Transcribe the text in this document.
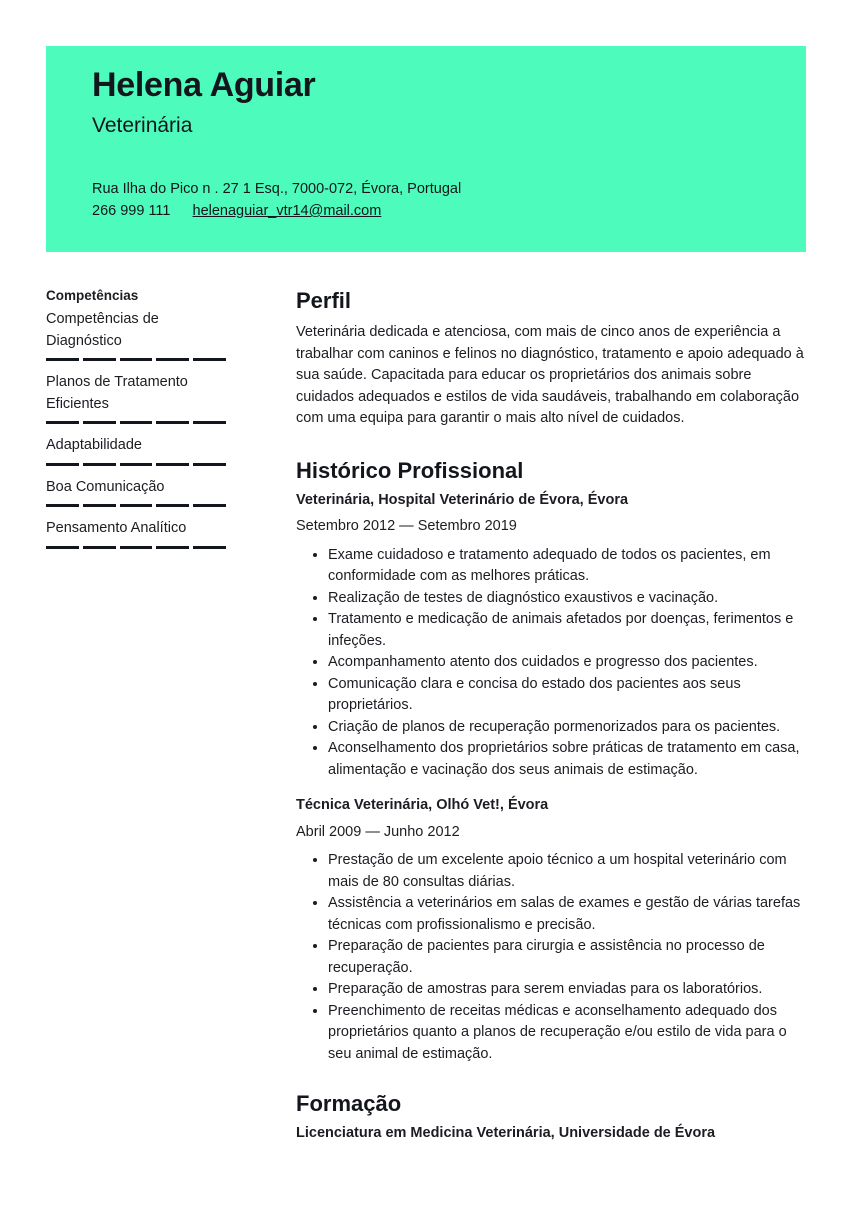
Helena Aguiar
Veterinária
Rua Ilha do Pico n . 27 1 Esq., 7000-072, Évora, Portugal
266 999 111 helenaguiar_vtr14@mail.com
Competências
Competências de Diagnóstico
Planos de Tratamento Eficientes
Adaptabilidade
Boa Comunicação
Pensamento Analítico
Perfil

Veterinária dedicada e atenciosa, com mais de cinco anos de experiência a trabalhar com caninos e felinos no diagnóstico, tratamento e apoio adequado à sua saúde. Capacitada para educar os proprietários dos animais sobre cuidados adequados e estilos de vida saudáveis, trabalhando em colaboração com uma equipa para garantir o mais alto nível de cuidados.

Histórico Profissional
Veterinária, Hospital Veterinário de Évora, Évora
Setembro 2012 — Setembro 2019
• Exame cuidadoso e tratamento adequado de todos os pacientes, em conformidade com as melhores práticas.
• Realização de testes de diagnóstico exaustivos e vacinação.
• Tratamento e medicação de animais afetados por doenças, ferimentos e infeções.
• Acompanhamento atento dos cuidados e progresso dos pacientes.
• Comunicação clara e concisa do estado dos pacientes aos seus proprietários.
• Criação de planos de recuperação pormenorizados para os pacientes.
• Aconselhamento dos proprietários sobre práticas de tratamento em casa, alimentação e vacinação dos seus animais de estimação.
Técnica Veterinária, Olhó Vet!, Évora
Abril 2009 — Junho 2012
• Prestação de um excelente apoio técnico a um hospital veterinário com mais de 80 consultas diárias.
• Assistência a veterinários em salas de exames e gestão de várias tarefas técnicas com profissionalismo e precisão.
• Preparação de pacientes para cirurgia e assistência no processo de recuperação.
• Preparação de amostras para serem enviadas para os laboratórios.
• Preenchimento de receitas médicas e aconselhamento adequado dos proprietários quanto a planos de recuperação e/ou estilo de vida para o seu animal de estimação.
Formação
Licenciatura em Medicina Veterinária, Universidade de Évora
